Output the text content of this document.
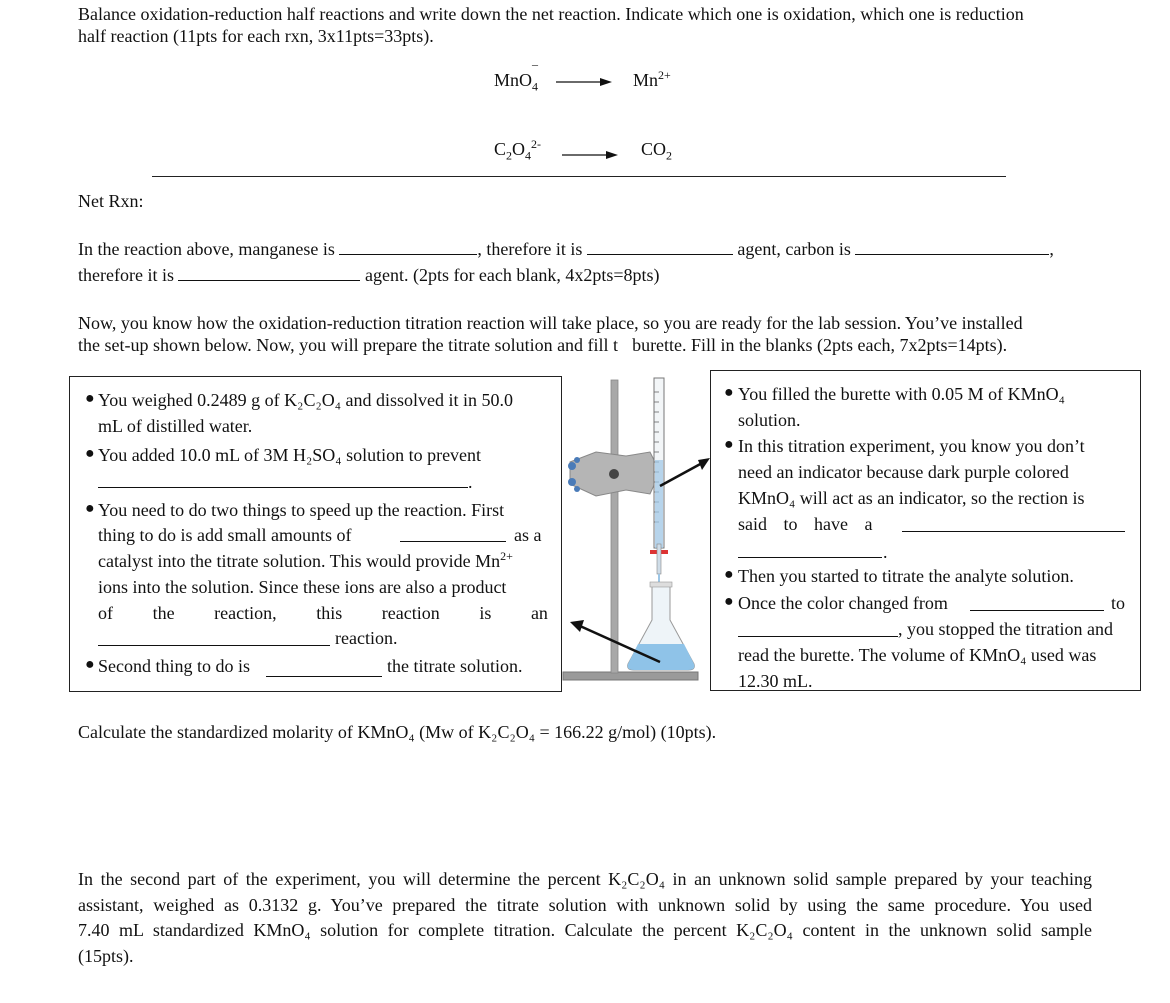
Balance oxidation-reduction half reactions and write down the net reaction. Indicate which one is oxidation, which one is reduction
half reaction (11pts for each rxn, 3x11pts=33pts).
MnO$_4$
–
→ $Mn^{2+}$
$C_2O_4^{2-} \to CO_2$
Net Rxn:
In the reaction above, manganese is	, therefore it is	agent, carbon is	,
therefore it is	agent. (2pts for each blank, 4x2pts=8pts)
Now, you know how the oxidation-reduction titration reaction will take place, so you are ready for the lab session. You’ve installed
the set-up shown below. Now, you will prepare the titrate solution and fill t burette. Fill in the blanks (2pts each, 7x2pts=14pts).
● You weighed 0.2489 g of K₂C₂O₄ and dissolved it in 50.0
mL of distilled water.
● You added 10.0 mL of 3M H₂SO₄ solution to prevent
.
● You need to do two things to speed up the reaction. First
thing to do is add small amounts of	as a
catalyst into the titrate solution. This would provide $Mn^{2+}$
ions into the solution. Since these ions are also a product
of the reaction, this reaction is an
reaction.
● Second thing to do is	the titrate solution.
● You filled the burette with 0.05 M of KMnO₄
solution.
● In this titration experiment, you know you don’t
need an indicator because dark purple colored
KMnO₄ will act as an indicator, so the rection is
said to have a
.
● Then you started to titrate the analyte solution.
● Once the color changed from	to
, you stopped the titration and
read the burette. The volume of KMnO₄ used was
12.30 mL.
Calculate the standardized molarity of KMnO₄ (Mw of K₂C₂O₄ = 166.22 g/mol) (10pts).
In the second part of the experiment, you will determine the percent K₂C₂O₄ in an unknown solid sample prepared by your teaching
assistant, weighed as 0.3132 g. You’ve prepared the titrate solution with unknown solid by using the same procedure. You used
7.40 mL standardized KMnO₄ solution for complete titration. Calculate the percent K₂C₂O₄ content in the unknown solid sample
(15pts).
